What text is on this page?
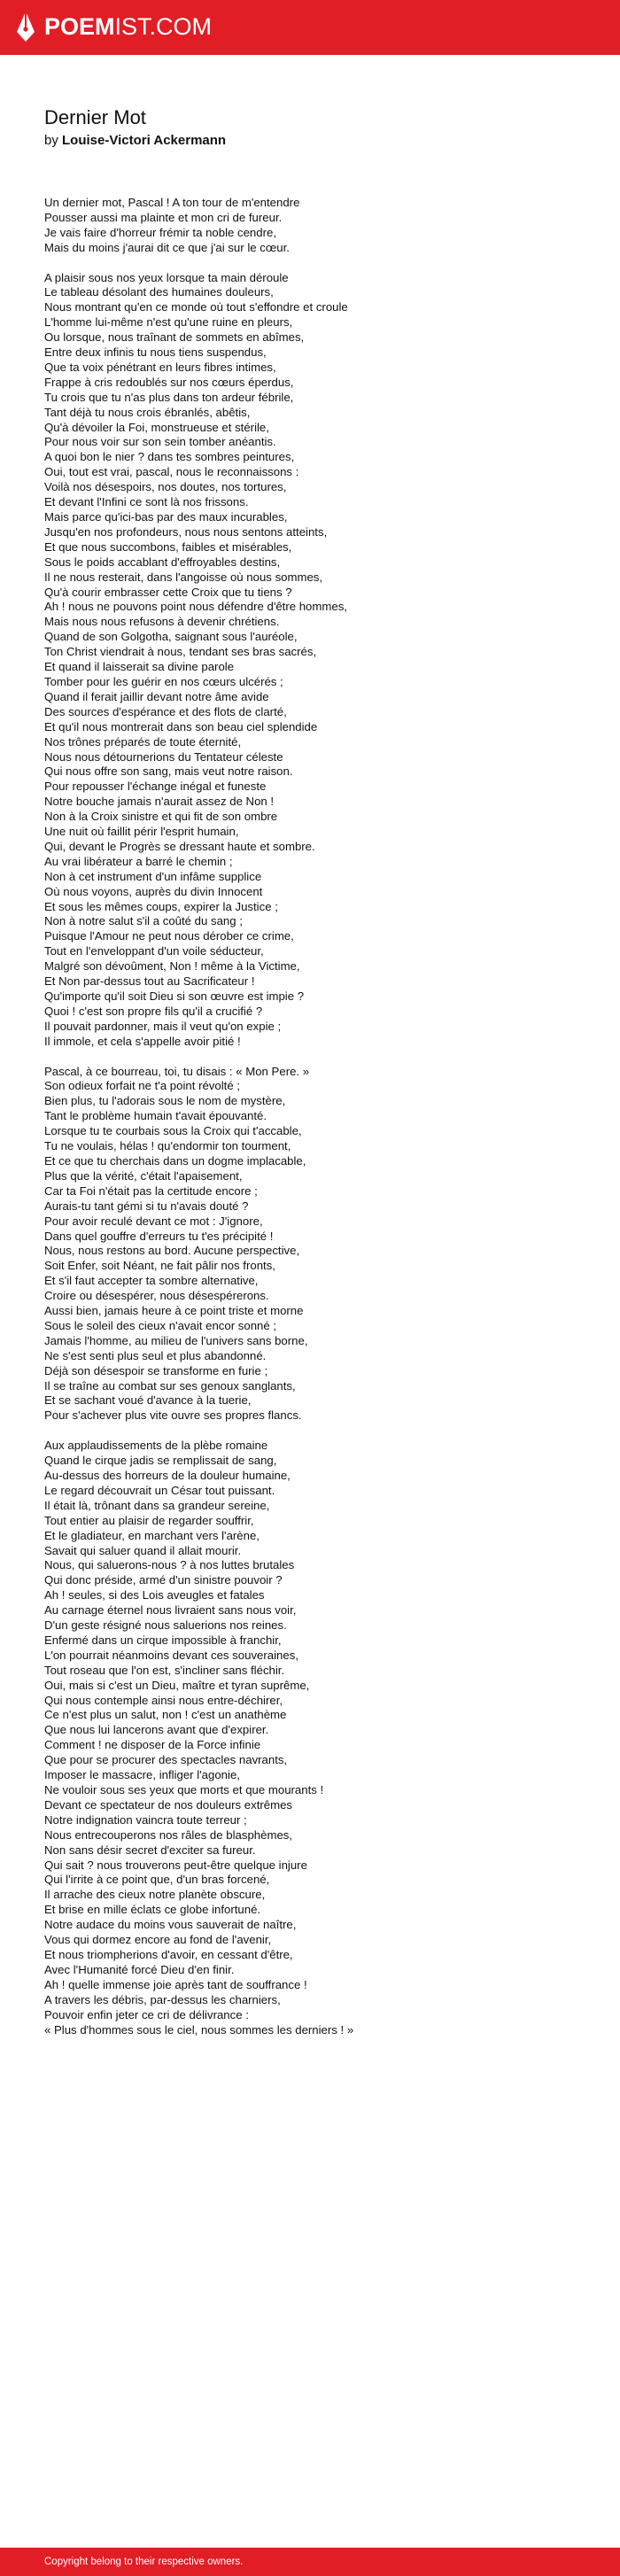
POEMIST.COM
Dernier Mot
by Louise-Victori Ackermann
Un dernier mot, Pascal ! A ton tour de m'entendre
Pousser aussi ma plainte et mon cri de fureur.
Je vais faire d'horreur frémir ta noble cendre,
Mais du moins j'aurai dit ce que j'ai sur le cœur.
A plaisir sous nos yeux lorsque ta main déroule
Le tableau désolant des humaines douleurs,
Nous montrant qu'en ce monde où tout s'effondre et croule
L'homme lui-même n'est qu'une ruine en pleurs,
Ou lorsque, nous traînant de sommets en abîmes,
Entre deux infinis tu nous tiens suspendus,
Que ta voix pénétrant en leurs fibres intimes,
Frappe à cris redoublés sur nos cœurs éperdus,
Tu crois que tu n'as plus dans ton ardeur fébrile,
Tant déjà tu nous crois ébranlés, abêtis,
Qu'à dévoiler la Foi, monstrueuse et stérile,
Pour nous voir sur son sein tomber anéantis.
A quoi bon le nier ? dans tes sombres peintures,
Oui, tout est vrai, pascal, nous le reconnaissons :
Voilà nos désespoirs, nos doutes, nos tortures,
Et devant l'Infini ce sont là nos frissons.
Mais parce qu'ici-bas par des maux incurables,
Jusqu'en nos profondeurs, nous nous sentons atteints,
Et que nous succombons, faibles et misérables,
Sous le poids accablant d'effroyables destins,
Il ne nous resterait, dans l'angoisse où nous sommes,
Qu'à courir embrasser cette Croix que tu tiens ?
Ah ! nous ne pouvons point nous défendre d'être hommes,
Mais nous nous refusons à devenir chrétiens.
Quand de son Golgotha, saignant sous l'auréole,
Ton Christ viendrait à nous, tendant ses bras sacrés,
Et quand il laisserait sa divine parole
Tomber pour les guérir en nos cœurs ulcérés ;
Quand il ferait jaillir devant notre âme avide
Des sources d'espérance et des flots de clarté,
Et qu'il nous montrerait dans son beau ciel splendide
Nos trônes préparés de toute éternité,
Nous nous détournerions du Tentateur céleste
Qui nous offre son sang, mais veut notre raison.
Pour repousser l'échange inégal et funeste
Notre bouche jamais n'aurait assez de Non !
Non à la Croix sinistre et qui fit de son ombre
Une nuit où faillit périr l'esprit humain,
Qui, devant le Progrès se dressant haute et sombre.
Au vrai libérateur a barré le chemin ;
Non à cet instrument d'un infâme supplice
Où nous voyons, auprès du divin Innocent
Et sous les mêmes coups, expirer la Justice ;
Non à notre salut s'il a coûté du sang ;
Puisque l'Amour ne peut nous dérober ce crime,
Tout en l'enveloppant d'un voile séducteur,
Malgré son dévoûment, Non ! même à la Victime,
Et Non par-dessus tout au Sacrificateur !
Qu'importe qu'il soit Dieu si son œuvre est impie ?
Quoi ! c'est son propre fils qu'il a crucifié ?
Il pouvait pardonner, mais il veut qu'on expie ;
Il immole, et cela s'appelle avoir pitié !
Pascal, à ce bourreau, toi, tu disais : « Mon Pere. »
Son odieux forfait ne t'a point révolté ;
Bien plus, tu l'adorais sous le nom de mystère,
Tant le problème humain t'avait épouvanté.
Lorsque tu te courbais sous la Croix qui t'accable,
Tu ne voulais, hélas ! qu'endormir ton tourment,
Et ce que tu cherchais dans un dogme implacable,
Plus que la vérité, c'était l'apaisement,
Car ta Foi n'était pas la certitude encore ;
Aurais-tu tant gémi si tu n'avais douté ?
Pour avoir reculé devant ce mot : J'ignore,
Dans quel gouffre d'erreurs tu t'es précipité !
Nous, nous restons au bord. Aucune perspective,
Soit Enfer, soit Néant, ne fait pâlir nos fronts,
Et s'il faut accepter ta sombre alternative,
Croire ou désespérer, nous désespérerons.
Aussi bien, jamais heure à ce point triste et morne
Sous le soleil des cieux n'avait encor sonné ;
Jamais l'homme, au milieu de l'univers sans borne,
Ne s'est senti plus seul et plus abandonné.
Déjà son désespoir se transforme en furie ;
Il se traîne au combat sur ses genoux sanglants,
Et se sachant voué d'avance à la tuerie,
Pour s'achever plus vite ouvre ses propres flancs.
Aux applaudissements de la plèbe romaine
Quand le cirque jadis se remplissait de sang,
Au-dessus des horreurs de la douleur humaine,
Le regard découvrait un César tout puissant.
Il était là, trônant dans sa grandeur sereine,
Tout entier au plaisir de regarder souffrir,
Et le gladiateur, en marchant vers l'arène,
Savait qui saluer quand il allait mourir.
Nous, qui saluerons-nous ? à nos luttes brutales
Qui donc préside, armé d'un sinistre pouvoir ?
Ah ! seules, si des Lois aveugles et fatales
Au carnage éternel nous livraient sans nous voir,
D'un geste résigné nous saluerions nos reines.
Enfermé dans un cirque impossible à franchir,
L'on pourrait néanmoins devant ces souveraines,
Tout roseau que l'on est, s'incliner sans fléchir.
Oui, mais si c'est un Dieu, maître et tyran suprême,
Qui nous contemple ainsi nous entre-déchirer,
Ce n'est plus un salut, non ! c'est un anathème
Que nous lui lancerons avant que d'expirer.
Comment ! ne disposer de la Force infinie
Que pour se procurer des spectacles navrants,
Imposer le massacre, infliger l'agonie,
Ne vouloir sous ses yeux que morts et que mourants !
Devant ce spectateur de nos douleurs extrêmes
Notre indignation vaincra toute terreur ;
Nous entrecouperons nos râles de blasphèmes,
Non sans désir secret d'exciter sa fureur.
Qui sait ? nous trouverons peut-être quelque injure
Qui l'irrite à ce point que, d'un bras forcené,
Il arrache des cieux notre planète obscure,
Et brise en mille éclats ce globe infortuné.
Notre audace du moins vous sauverait de naître,
Vous qui dormez encore au fond de l'avenir,
Et nous triompherions d'avoir, en cessant d'être,
Avec l'Humanité forcé Dieu d'en finir.
Ah ! quelle immense joie après tant de souffrance !
A travers les débris, par-dessus les charniers,
Pouvoir enfin jeter ce cri de délivrance :
« Plus d'hommes sous le ciel, nous sommes les derniers ! »
Copyright belong to their respective owners.
